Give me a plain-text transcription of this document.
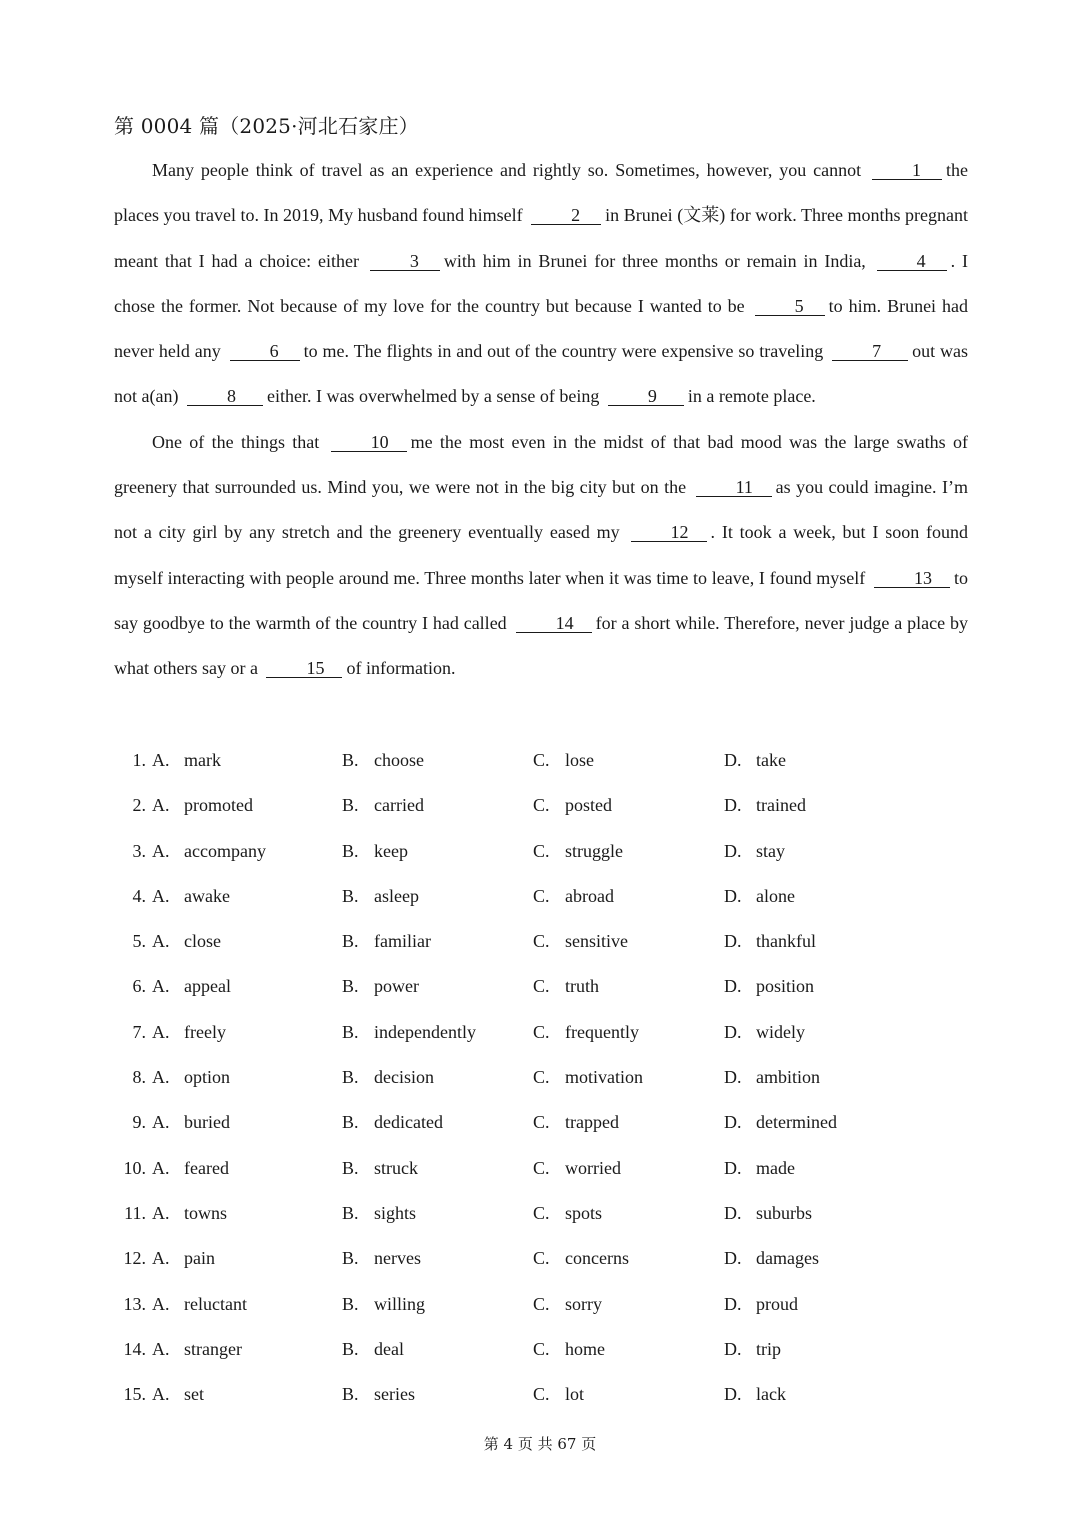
第 0004 篇（2025·河北石家庄）

Many people think of travel as an experience and rightly so. Sometimes, however, you cannot	1 the places you travel to. In 2019, My husband found himself	2 in Brunei (文莱) for work. Three months pregnant meant that I had a choice: either	3 with him in Brunei for three months or remain in India,	4 . I chose the former. Not because of my love for the country but because I wanted to be	5 to him. Brunei had never held any	6 to me. The flights in and out of the country were expensive so traveling	7 out was not a(an)	8 either. I was overwhelmed by a sense of being	9 in a remote place.

One of the things that	10 me the most even in the midst of that bad mood was the large swaths of greenery that surrounded us. Mind you, we were not in the big city but on the	11 as you could imagine. I’m not a city girl by any stretch and the greenery eventually eased my	12 . It took a week, but I soon found myself interacting with people around me. Three months later when it was time to leave, I found myself	13 to say goodbye to the warmth of the country I had called	14 for a short while. Therefore, never judge a place by what others say or a	15 of information.

1. A. mark	B. choose	C. lose	D. take
2. A. promoted	B. carried	C. posted	D. trained
3. A. accompany	B. keep	C. struggle	D. stay
4. A. awake	B. asleep	C. abroad	D. alone
5. A. close	B. familiar	C. sensitive	D. thankful
6. A. appeal	B. power	C. truth	D. position
7. A. freely	B. independently	C. frequently	D. widely
8. A. option	B. decision	C. motivation	D. ambition
9. A. buried	B. dedicated	C. trapped	D. determined
10. A. feared	B. struck	C. worried	D. made
11. A. towns	B. sights	C. spots	D. suburbs
12. A. pain	B. nerves	C. concerns	D. damages
13. A. reluctant	B. willing	C. sorry	D. proud
14. A. stranger	B. deal	C. home	D. trip
15. A. set	B. series	C. lot	D. lack
第 4 页 共 67 页
